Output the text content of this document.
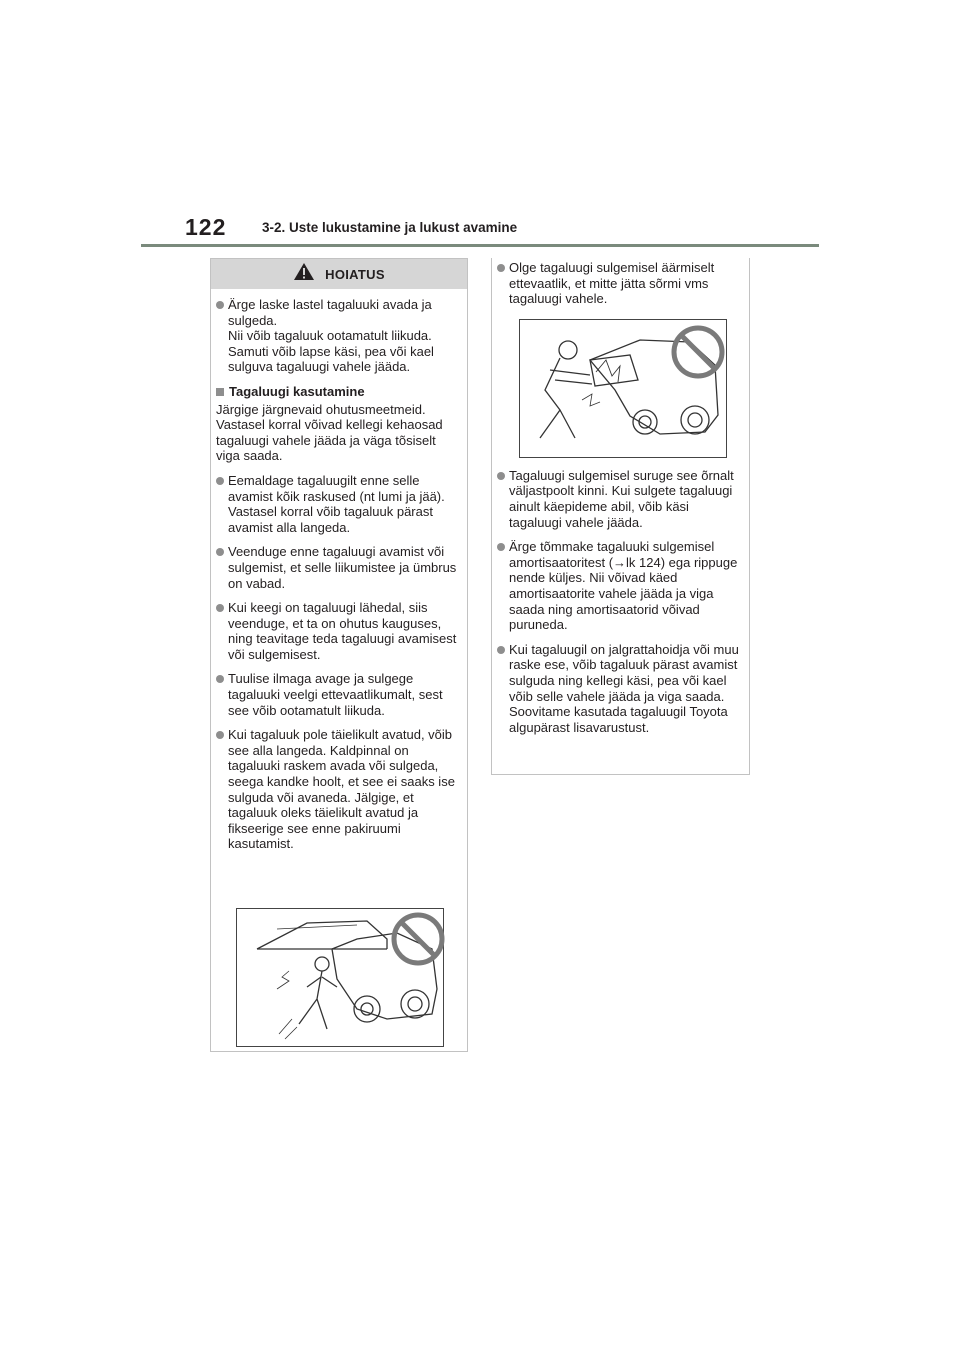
122	3-2. Uste lukustamine ja lukust avamine
HOIATUS
Ärge laske lastel tagaluuki avada ja sulgeda.
Nii võib tagaluuk ootamatult liikuda. Samuti võib lapse käsi, pea või kael sulguva tagaluugi vahele jääda.
Tagaluugi kasutamine
Järgige järgnevaid ohutusmeetmeid. Vastasel korral võivad kellegi kehaosad tagaluugi vahele jääda ja väga tõsiselt viga saada.
Eemaldage tagaluugilt enne selle avamist kõik raskused (nt lumi ja jää). Vastasel korral võib tagaluuk pärast avamist alla langeda.
Veenduge enne tagaluugi avamist või sulgemist, et selle liikumistee ja ümbrus on vabad.
Kui keegi on tagaluugi lähedal, siis veenduge, et ta on ohutus kauguses, ning teavitage teda tagaluugi avamisest või sulgemisest.
Tuulise ilmaga avage ja sulgege tagaluuki veelgi ettevaatlikumalt, sest see võib ootamatult liikuda.
Kui tagaluuk pole täielikult avatud, võib see alla langeda. Kaldpinnal on tagaluuki raskem avada või sulgeda, seega kandke hoolt, et see ei saaks ise sulguda või avaneda. Jälgige, et tagaluuk oleks täielikult avatud ja fikseerige see enne pakiruumi kasutamist.
Olge tagaluugi sulgemisel äärmiselt ettevaatlik, et mitte jätta sõrmi vms tagaluugi vahele.
Tagaluugi sulgemisel suruge see õrnalt väljastpoolt kinni. Kui sulgete tagaluugi ainult käepideme abil, võib käsi tagaluugi vahele jääda.
Ärge tõmmake tagaluuki sulgemisel amortisaatoritest (→lk 124) ega rippuge nende küljes. Nii võivad käed amortisaatorite vahele jääda ja viga saada ning amortisaatorid võivad puruneda.
Kui tagaluugil on jalgrattahoidja või muu raske ese, võib tagaluuk pärast avamist sulguda ning kellegi käsi, pea või kael võib selle vahele jääda ja viga saada. Soovitame kasutada tagaluugil Toyota algupärast lisavarustust.
